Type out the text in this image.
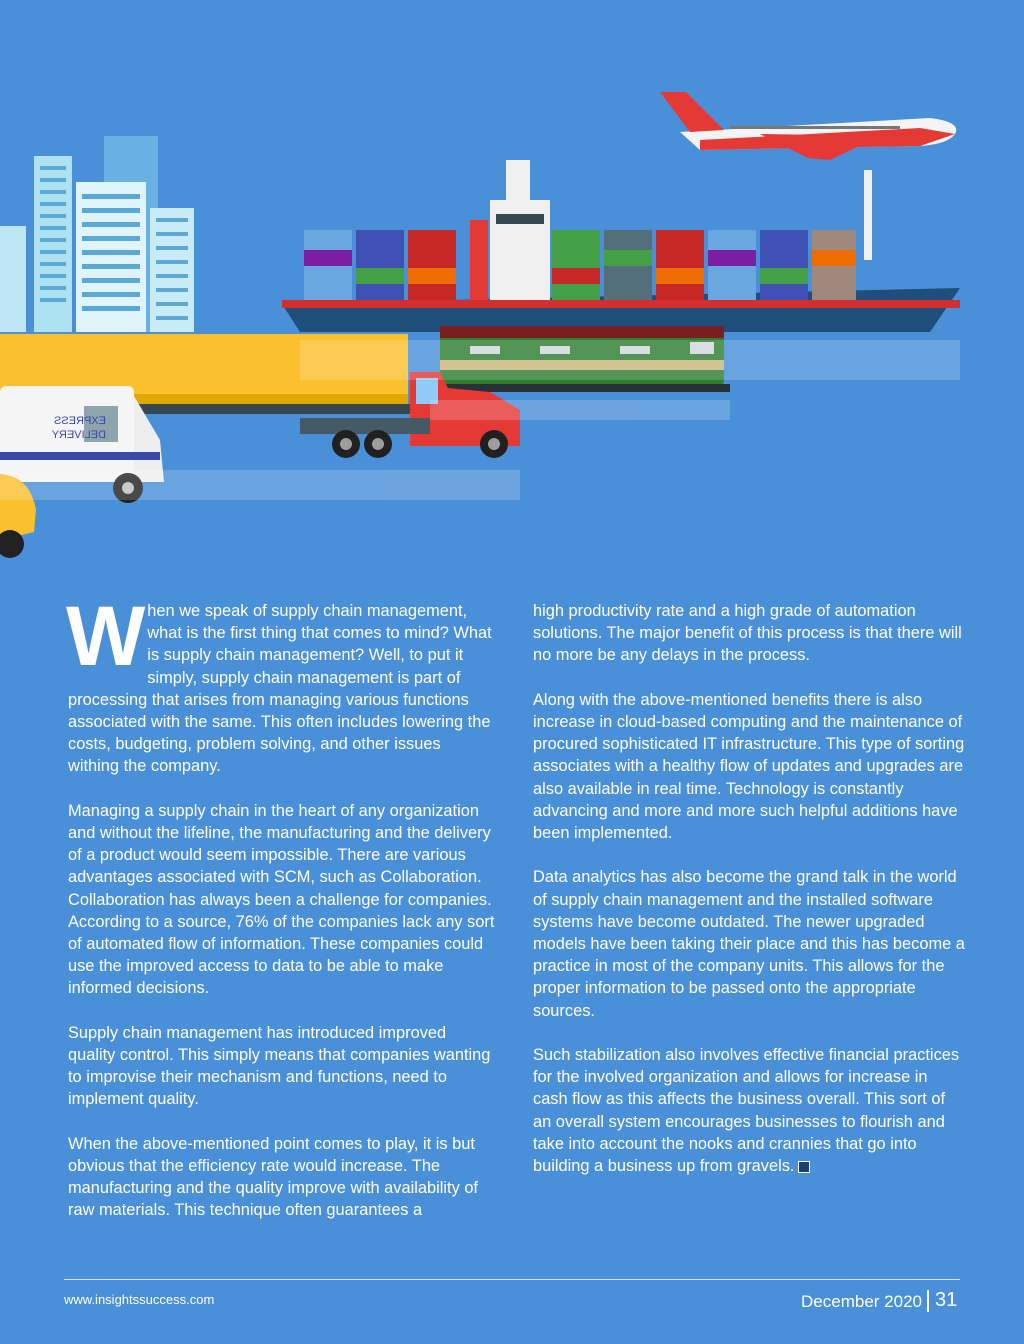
EXPRESS
DELIVERY

When we speak of supply chain management, what is the first thing that comes to mind? What is supply chain management? Well, to put it simply, supply chain management is part of processing that arises from managing various functions associated with the same. This often includes lowering the costs, budgeting, problem solving, and other issues withing the company.

Managing a supply chain in the heart of any organization and without the lifeline, the manufacturing and the delivery of a product would seem impossible. There are various advantages associated with SCM, such as Collaboration. Collaboration has always been a challenge for companies. According to a source, 76% of the companies lack any sort of automated flow of information. These companies could use the improved access to data to be able to make informed decisions.

Supply chain management has introduced improved quality control. This simply means that companies wanting to improvise their mechanism and functions, need to implement quality.

When the above-mentioned point comes to play, it is but obvious that the efficiency rate would increase. The manufacturing and the quality improve with availability of raw materials. This technique often guarantees a

high productivity rate and a high grade of automation solutions. The major benefit of this process is that there will no more be any delays in the process.

Along with the above-mentioned benefits there is also increase in cloud-based computing and the maintenance of procured sophisticated IT infrastructure. This type of sorting associates with a healthy flow of updates and upgrades are also available in real time. Technology is constantly advancing and more and more such helpful additions have been implemented.

Data analytics has also become the grand talk in the world of supply chain management and the installed software systems have become outdated. The newer upgraded models have been taking their place and this has become a practice in most of the company units. This allows for the proper information to be passed onto the appropriate sources.

Such stabilization also involves effective financial practices for the involved organization and allows for increase in cash flow as this affects the business overall. This sort of an overall system encourages businesses to flourish and take into account the nooks and crannies that go into building a business up from gravels.

www.insightssuccess.com	December 2020 31
